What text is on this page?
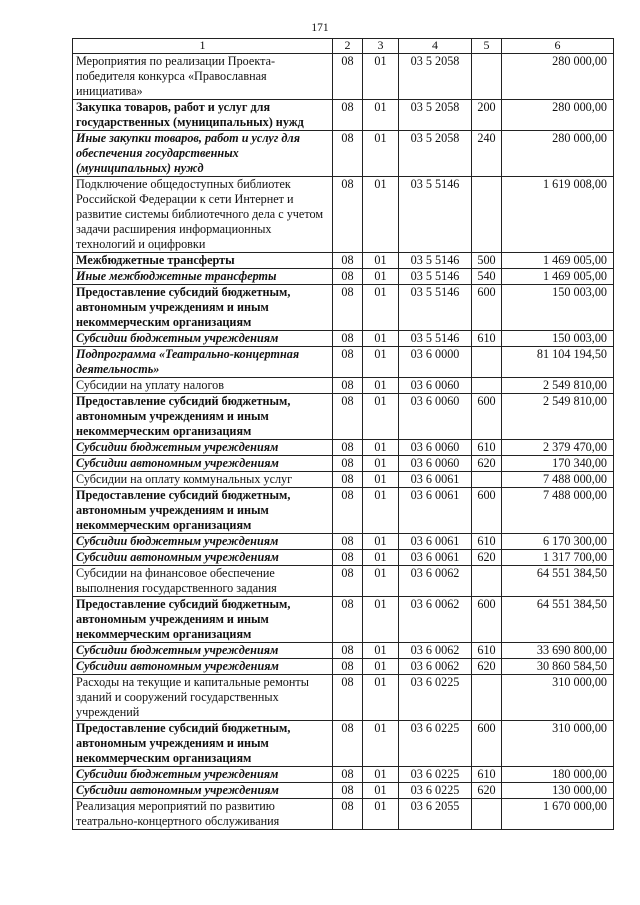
171
1	2	3	4	5	6
Мероприятия по реализации Проекта-победителя конкурса «Православная инициатива»	08	01	03 5 2058		280 000,00
Закупка товаров, работ и услуг для государственных (муниципальных) нужд	08	01	03 5 2058	200	280 000,00
Иные закупки товаров, работ и услуг для обеспечения государственных (муниципальных) нужд	08	01	03 5 2058	240	280 000,00
Подключение общедоступных библиотек Российской Федерации к сети Интернет и развитие системы библиотечного дела с учетом задачи расширения информационных технологий и оцифровки	08	01	03 5 5146		1 619 008,00
Межбюджетные трансферты	08	01	03 5 5146	500	1 469 005,00
Иные межбюджетные трансферты	08	01	03 5 5146	540	1 469 005,00
Предоставление субсидий бюджетным, автономным учреждениям и иным некоммерческим организациям	08	01	03 5 5146	600	150 003,00
Субсидии бюджетным учреждениям	08	01	03 5 5146	610	150 003,00
Подпрограмма «Театрально-концертная деятельность»	08	01	03 6 0000		81 104 194,50
Субсидии на уплату налогов	08	01	03 6 0060		2 549 810,00
Предоставление субсидий бюджетным, автономным учреждениям и иным некоммерческим организациям	08	01	03 6 0060	600	2 549 810,00
Субсидии бюджетным учреждениям	08	01	03 6 0060	610	2 379 470,00
Субсидии автономным учреждениям	08	01	03 6 0060	620	170 340,00
Субсидии на оплату коммунальных услуг	08	01	03 6 0061		7 488 000,00
Предоставление субсидий бюджетным, автономным учреждениям и иным некоммерческим организациям	08	01	03 6 0061	600	7 488 000,00
Субсидии бюджетным учреждениям	08	01	03 6 0061	610	6 170 300,00
Субсидии автономным учреждениям	08	01	03 6 0061	620	1 317 700,00
Субсидии на финансовое обеспечение выполнения государственного задания	08	01	03 6 0062		64 551 384,50
Предоставление субсидий бюджетным, автономным учреждениям и иным некоммерческим организациям	08	01	03 6 0062	600	64 551 384,50
Субсидии бюджетным учреждениям	08	01	03 6 0062	610	33 690 800,00
Субсидии автономным учреждениям	08	01	03 6 0062	620	30 860 584,50
Расходы на текущие и капитальные ремонты зданий и сооружений государственных учреждений	08	01	03 6 0225		310 000,00
Предоставление субсидий бюджетным, автономным учреждениям и иным некоммерческим организациям	08	01	03 6 0225	600	310 000,00
Субсидии бюджетным учреждениям	08	01	03 6 0225	610	180 000,00
Субсидии автономным учреждениям	08	01	03 6 0225	620	130 000,00
Реализация мероприятий по развитию театрально-концертного обслуживания	08	01	03 6 2055		1 670 000,00
